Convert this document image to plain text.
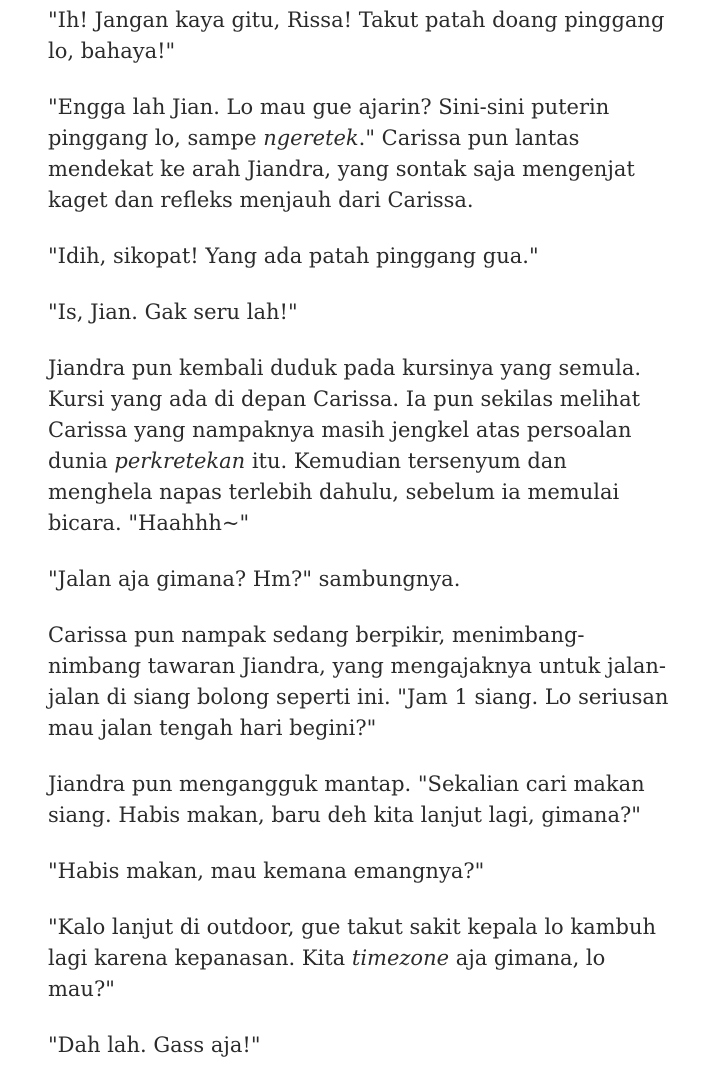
"Ih! Jangan kaya gitu, Rissa! Takut patah doang pinggang lo, bahaya!"

"Engga lah Jian. Lo mau gue ajarin? Sini-sini puterin pinggang lo, sampe ngeretek." Carissa pun lantas mendekat ke arah Jiandra, yang sontak saja mengenjat kaget dan refleks menjauh dari Carissa.

"Idih, sikopat! Yang ada patah pinggang gua."

"Is, Jian. Gak seru lah!"

Jiandra pun kembali duduk pada kursinya yang semula. Kursi yang ada di depan Carissa. Ia pun sekilas melihat Carissa yang nampaknya masih jengkel atas persoalan dunia perkretekan itu. Kemudian tersenyum dan menghela napas terlebih dahulu, sebelum ia memulai bicara. "Haahhh~"

"Jalan aja gimana? Hm?" sambungnya.

Carissa pun nampak sedang berpikir, menimbang-nimbang tawaran Jiandra, yang mengajaknya untuk jalan-jalan di siang bolong seperti ini. "Jam 1 siang. Lo seriusan mau jalan tengah hari begini?"

Jiandra pun mengangguk mantap. "Sekalian cari makan siang. Habis makan, baru deh kita lanjut lagi, gimana?"

"Habis makan, mau kemana emangnya?"

"Kalo lanjut di outdoor, gue takut sakit kepala lo kambuh lagi karena kepanasan. Kita timezone aja gimana, lo mau?"

"Dah lah. Gass aja!"
